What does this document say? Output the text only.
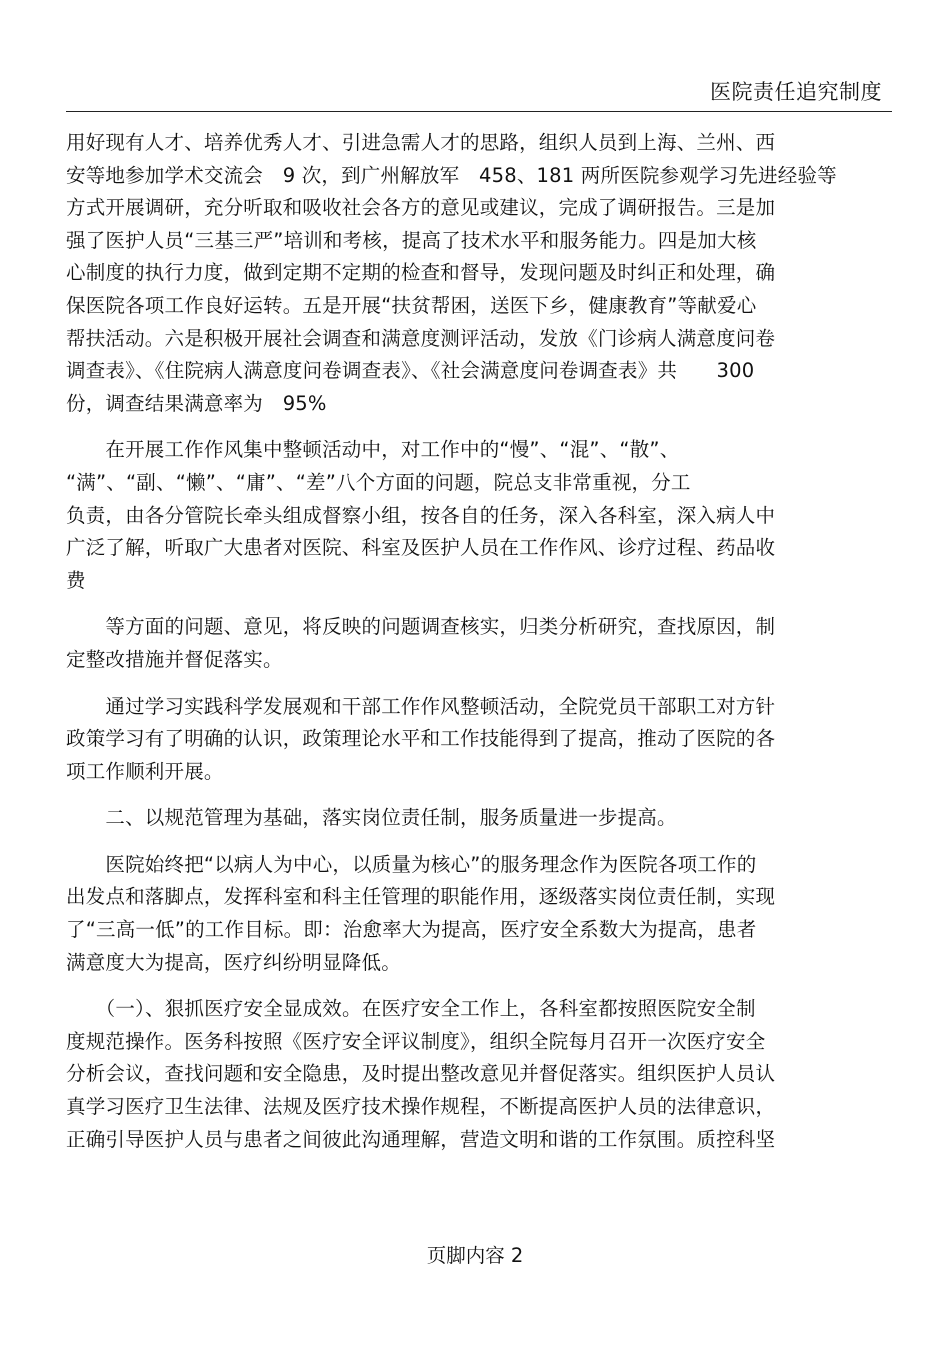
医院责任追究制度
用好现有人才、培养优秀人才、引进急需人才的思路，组织人员到上海、兰州、西
安等地参加学术交流会　9 次，到广州解放军　458、181 两所医院参观学习先进经验等
方式开展调研，充分听取和吸收社会各方的意见或建议，完成了调研报告。三是加
强了医护人员“三基三严”培训和考核，提高了技术水平和服务能力。四是加大核
心制度的执行力度，做到定期不定期的检查和督导，发现问题及时纠正和处理，确
保医院各项工作良好运转。五是开展“扶贫帮困，送医下乡，健康教育”等献爱心
帮扶活动。六是积极开展社会调查和满意度测评活动，发放《门诊病人满意度问卷
调查表》、《住院病人满意度问卷调查表》、《社会满意度问卷调查表》共　　300
份，调查结果满意率为　95%
　　在开展工作作风集中整顿活动中，对工作中的“慢”、“混”、“散”、
“满”、“副、“懒”、“庸”、“差”八个方面的问题，院总支非常重视，分工
负责，由各分管院长牵头组成督察小组，按各自的任务，深入各科室，深入病人中
广泛了解，听取广大患者对医院、科室及医护人员在工作作风、诊疗过程、药品收
费
　　等方面的问题、意见，将反映的问题调查核实，归类分析研究，查找原因，制
定整改措施并督促落实。
　　通过学习实践科学发展观和干部工作作风整顿活动，全院党员干部职工对方针
政策学习有了明确的认识，政策理论水平和工作技能得到了提高，推动了医院的各
项工作顺利开展。
　　二、以规范管理为基础，落实岗位责任制，服务质量进一步提高。
　　医院始终把“以病人为中心，以质量为核心”的服务理念作为医院各项工作的
出发点和落脚点，发挥科室和科主任管理的职能作用，逐级落实岗位责任制，实现
了“三高一低”的工作目标。即：治愈率大为提高，医疗安全系数大为提高，患者
满意度大为提高，医疗纠纷明显降低。
　　（一）、狠抓医疗安全显成效。在医疗安全工作上，各科室都按照医院安全制
度规范操作。医务科按照《医疗安全评议制度》，组织全院每月召开一次医疗安全
分析会议，查找问题和安全隐患，及时提出整改意见并督促落实。组织医护人员认
真学习医疗卫生法律、法规及医疗技术操作规程，不断提高医护人员的法律意识，
正确引导医护人员与患者之间彼此沟通理解，营造文明和谐的工作氛围。质控科坚
页脚内容 2
